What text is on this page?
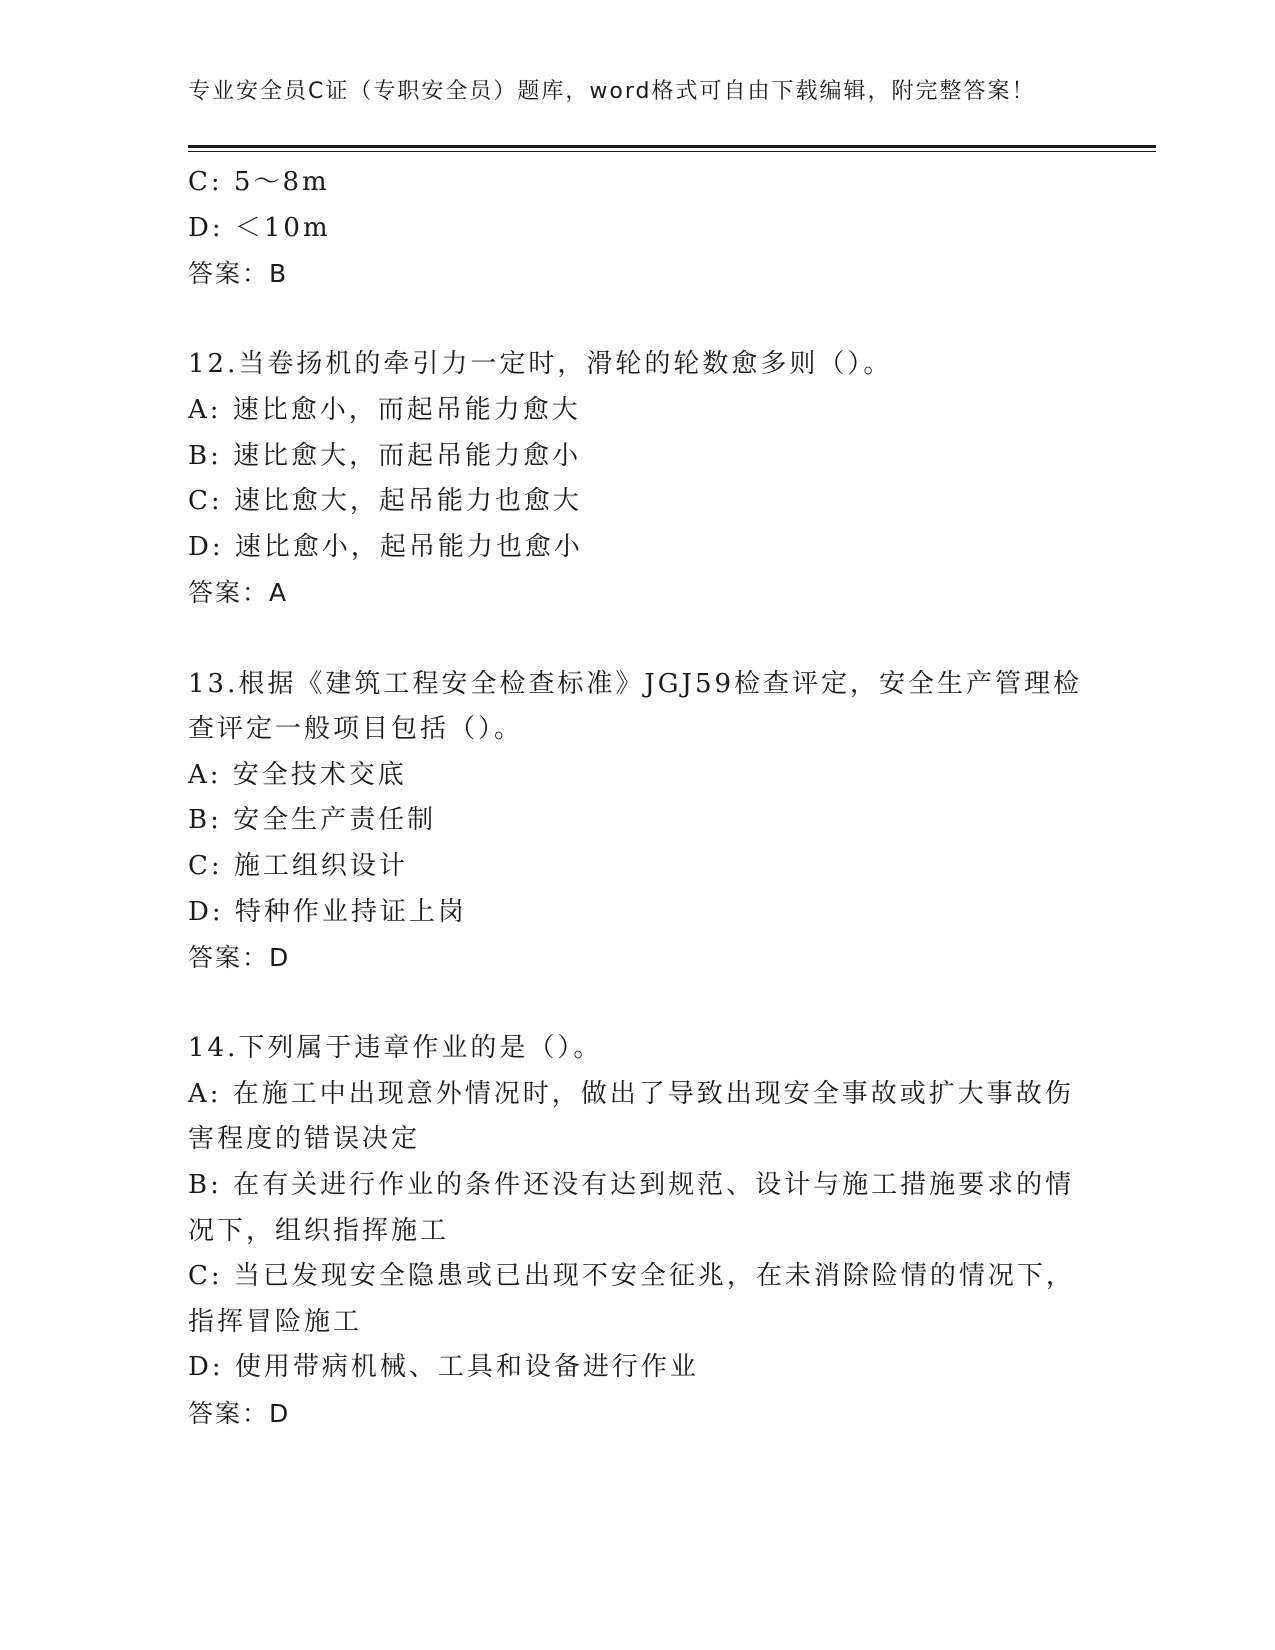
专业安全员C证（专职安全员）题库，word格式可自由下载编辑，附完整答案！
C: 5～8m
D: ＜10m
答案：B
12.当卷扬机的牵引力一定时，滑轮的轮数愈多则（）。
A: 速比愈小，而起吊能力愈大
B: 速比愈大，而起吊能力愈小
C: 速比愈大，起吊能力也愈大
D: 速比愈小，起吊能力也愈小
答案：A
13.根据《建筑工程安全检查标准》JGJ59检查评定，安全生产管理检
查评定一般项目包括（）。
A: 安全技术交底
B: 安全生产责任制
C: 施工组织设计
D: 特种作业持证上岗
答案：D
14.下列属于违章作业的是（）。
A: 在施工中出现意外情况时，做出了导致出现安全事故或扩大事故伤
害程度的错误决定
B: 在有关进行作业的条件还没有达到规范、设计与施工措施要求的情
况下，组织指挥施工
C: 当已发现安全隐患或已出现不安全征兆，在未消除险情的情况下，
指挥冒险施工
D: 使用带病机械、工具和设备进行作业
答案：D
